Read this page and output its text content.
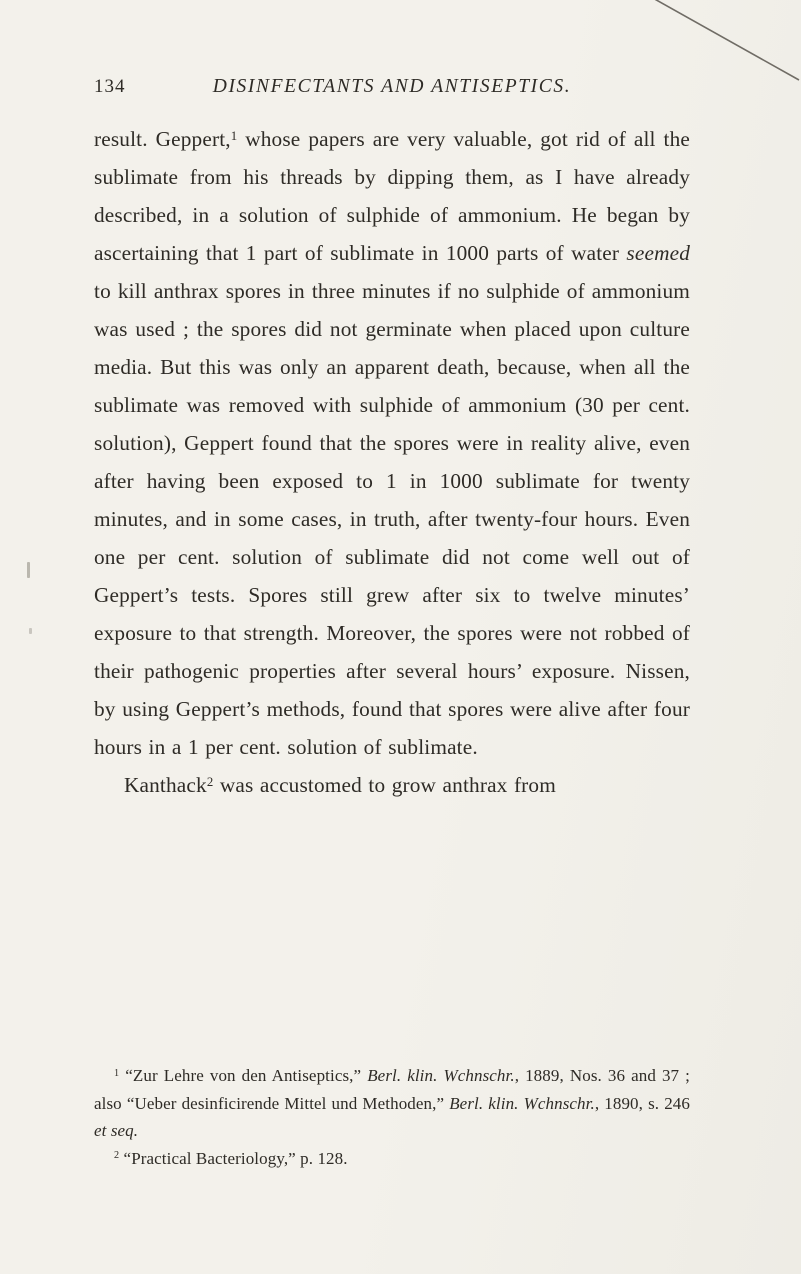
134	DISINFECTANTS AND ANTISEPTICS.

result. Geppert,$^1$ whose papers are very valuable, got rid of all the sublimate from his threads by dipping them, as I have already described, in a solution of sulphide of ammonium. He began by ascertaining that 1 part of sublimate in 1000 parts of water seemed to kill anthrax spores in three minutes if no sulphide of ammonium was used ; the spores did not germinate when placed upon culture media. But this was only an apparent death, because, when all the sublimate was removed with sulphide of ammonium (30 per cent. solution), Geppert found that the spores were in reality alive, even after having been exposed to 1 in 1000 sublimate for twenty minutes, and in some cases, in truth, after twenty-four hours. Even one per cent. solution of sublimate did not come well out of Geppert’s tests. Spores still grew after six to twelve minutes’ exposure to that strength. Moreover, the spores were not robbed of their pathogenic properties after several hours’ exposure. Nissen, by using Geppert’s methods, found that spores were alive after four hours in a 1 per cent. solution of sublimate.

Kanthack$^2$ was accustomed to grow anthrax from

$^1$ “Zur Lehre von den Antiseptics,” Berl. klin. Wchnschr., 1889, Nos. 36 and 37 ; also “Ueber desinficirende Mittel und Methoden,” Berl. klin. Wchnschr., 1890, s. 246 et seq.

$^2$ “Practical Bacteriology,” p. 128.
